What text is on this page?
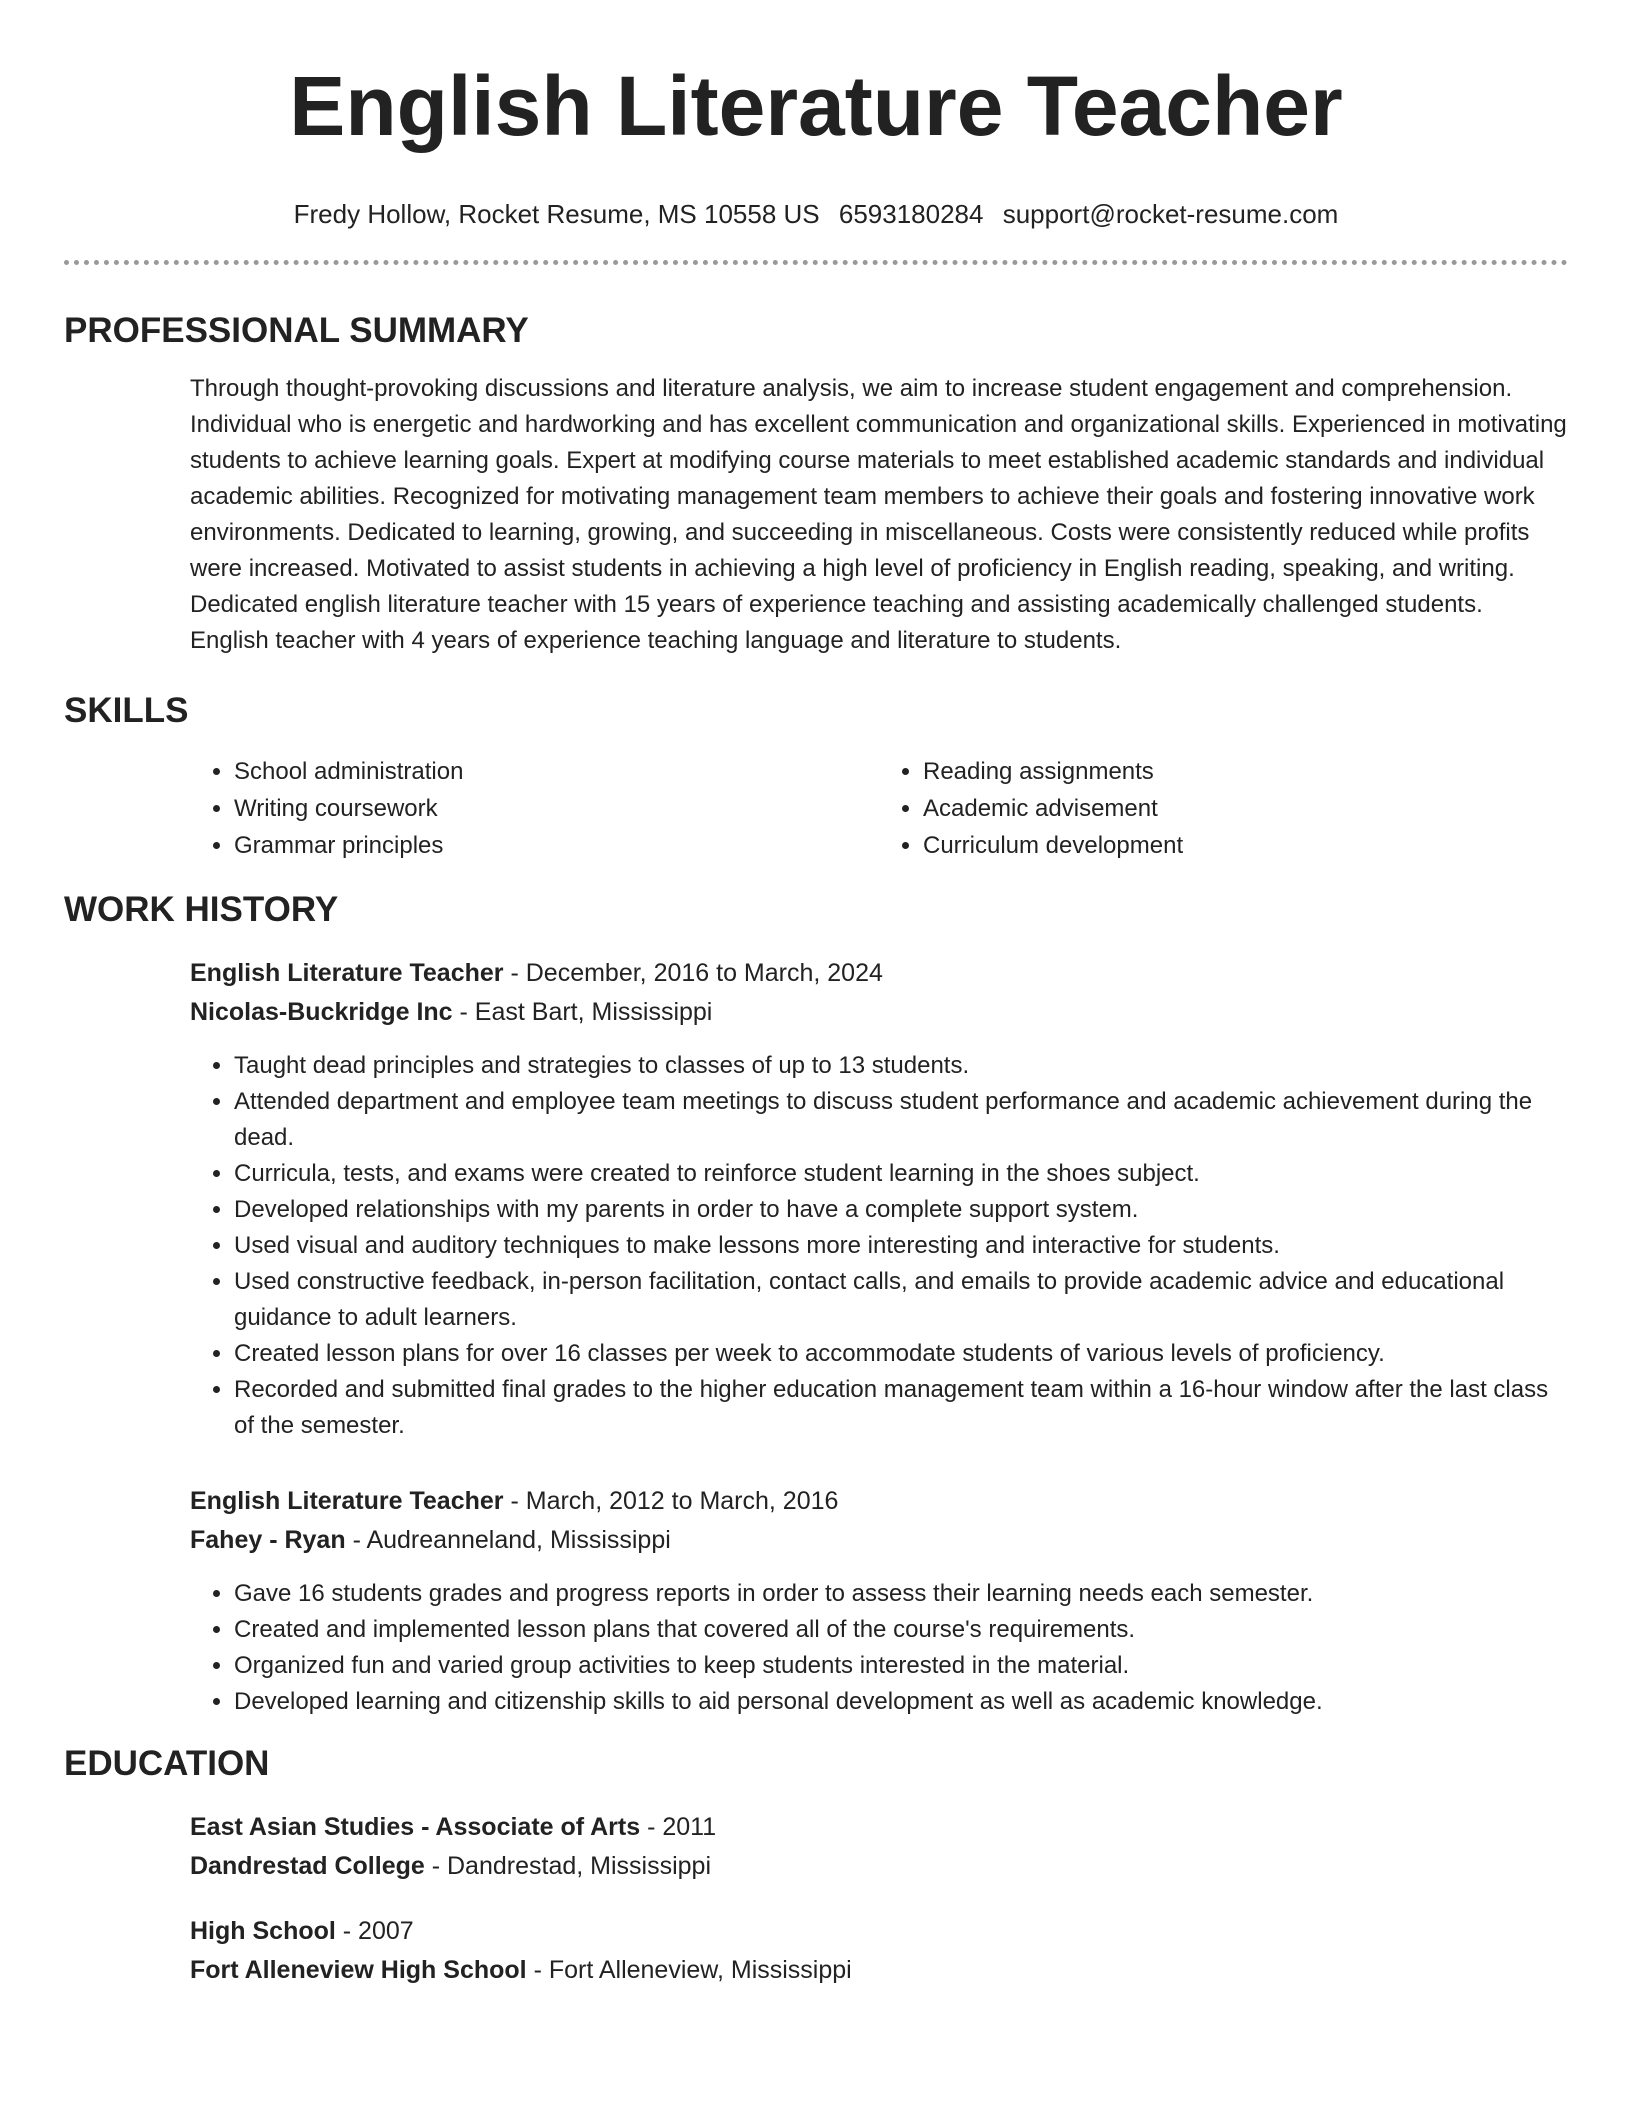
English Literature Teacher
Fredy Hollow, Rocket Resume, MS 10558 US 6593180284 support@rocket-resume.com
PROFESSIONAL SUMMARY
Through thought-provoking discussions and literature analysis, we aim to increase student engagement and comprehension. Individual who is energetic and hardworking and has excellent communication and organizational skills. Experienced in motivating students to achieve learning goals. Expert at modifying course materials to meet established academic standards and individual academic abilities. Recognized for motivating management team members to achieve their goals and fostering innovative work environments. Dedicated to learning, growing, and succeeding in miscellaneous. Costs were consistently reduced while profits were increased. Motivated to assist students in achieving a high level of proficiency in English reading, speaking, and writing. Dedicated english literature teacher with 15 years of experience teaching and assisting academically challenged students. English teacher with 4 years of experience teaching language and literature to students.
SKILLS
• School administration
• Writing coursework
• Grammar principles
• Reading assignments
• Academic advisement
• Curriculum development
WORK HISTORY
English Literature Teacher - December, 2016 to March, 2024
Nicolas-Buckridge Inc - East Bart, Mississippi
• Taught dead principles and strategies to classes of up to 13 students.
• Attended department and employee team meetings to discuss student performance and academic achievement during the dead.
• Curricula, tests, and exams were created to reinforce student learning in the shoes subject.
• Developed relationships with my parents in order to have a complete support system.
• Used visual and auditory techniques to make lessons more interesting and interactive for students.
• Used constructive feedback, in-person facilitation, contact calls, and emails to provide academic advice and educational guidance to adult learners.
• Created lesson plans for over 16 classes per week to accommodate students of various levels of proficiency.
• Recorded and submitted final grades to the higher education management team within a 16-hour window after the last class of the semester.
English Literature Teacher - March, 2012 to March, 2016
Fahey - Ryan - Audreanneland, Mississippi
• Gave 16 students grades and progress reports in order to assess their learning needs each semester.
• Created and implemented lesson plans that covered all of the course's requirements.
• Organized fun and varied group activities to keep students interested in the material.
• Developed learning and citizenship skills to aid personal development as well as academic knowledge.
EDUCATION
East Asian Studies - Associate of Arts - 2011
Dandrestad College - Dandrestad, Mississippi
High School - 2007
Fort Alleneview High School - Fort Alleneview, Mississippi
